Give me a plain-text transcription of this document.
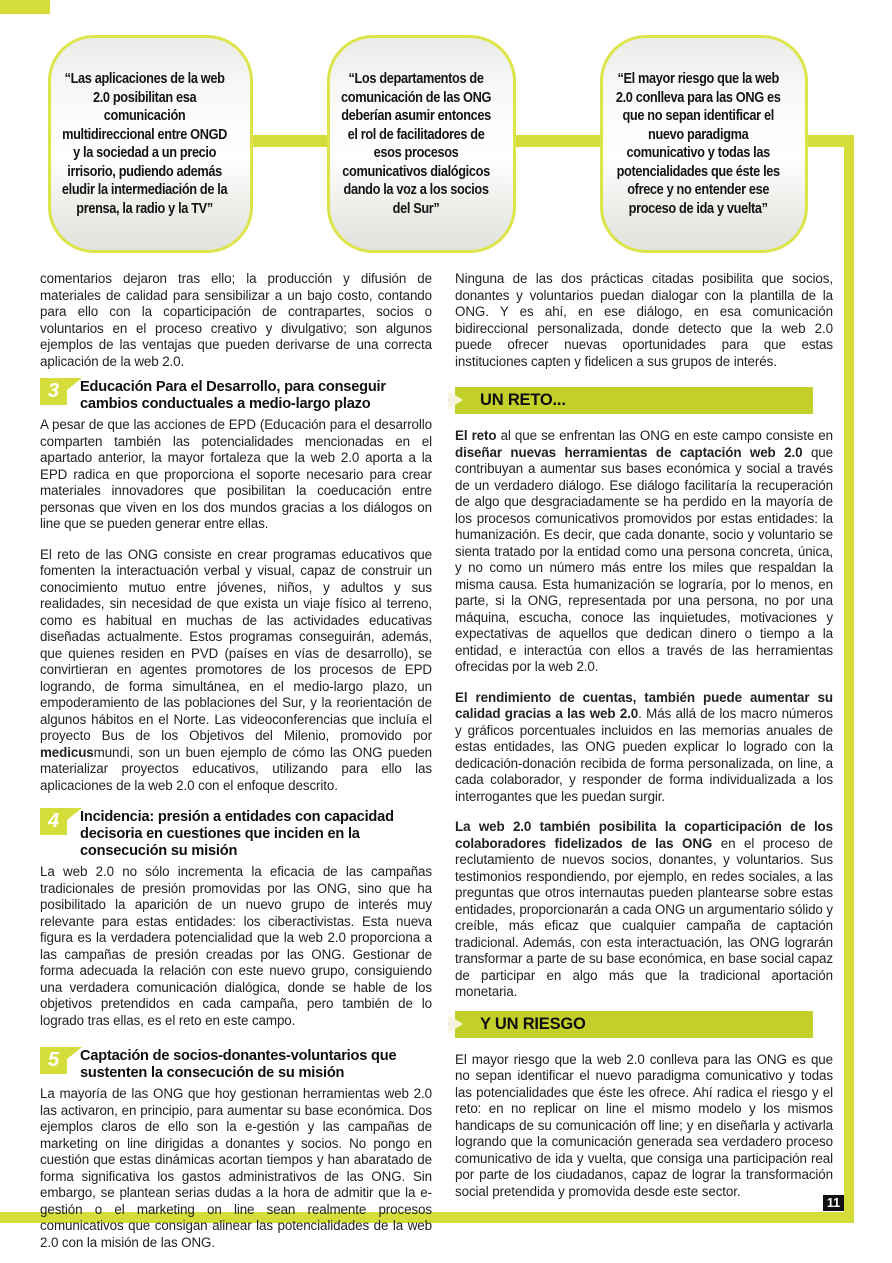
“Las aplicaciones de la web 2.0 posibilitan esa comunicación multidireccional entre ONGD y la sociedad a un precio irrisorio, pudiendo además eludir la intermediación de la prensa, la radio y la TV”
“Los departamentos de comunicación de las ONG deberían asumir entonces el rol de facilitadores de esos procesos comunicativos dialógicos dando la voz a los socios del Sur”
“El mayor riesgo que la web 2.0 conlleva para las ONG es que no sepan identificar el nuevo paradigma comunicativo y todas las potencialidades que éste les ofrece y no entender ese proceso de ida y vuelta”

comentarios dejaron tras ello; la producción y difusión de materiales de calidad para sensibilizar a un bajo costo, contando para ello con la coparticipación de contrapartes, socios o voluntarios en el proceso creativo y divulgativo; son algunos ejemplos de las ventajas que pueden derivarse de una correcta aplicación de la web 2.0.

3 Educación Para el Desarrollo, para conseguir cambios conductuales a medio-largo plazo

A pesar de que las acciones de EPD (Educación para el desarrollo comparten también las potencialidades mencionadas en el apartado anterior, la mayor fortaleza que la web 2.0 aporta a la EPD radica en que proporciona el soporte necesario para crear materiales innovadores que posibilitan la coeducación entre personas que viven en los dos mundos gracias a los diálogos on line que se pueden generar entre ellas.

El reto de las ONG consiste en crear programas educativos que fomenten la interactuación verbal y visual, capaz de construir un conocimiento mutuo entre jóvenes, niños, y adultos y sus realidades, sin necesidad de que exista un viaje físico al terreno, como es habitual en muchas de las actividades educativas diseñadas actualmente. Estos programas conseguirán, además, que quienes residen en PVD (países en vías de desarrollo), se convirtieran en agentes promotores de los procesos de EPD logrando, de forma simultánea, en el medio-largo plazo, un empoderamiento de las poblaciones del Sur, y la reorientación de algunos hábitos en el Norte. Las videoconferencias que incluía el proyecto Bus de los Objetivos del Milenio, promovido por medicusmundi, son un buen ejemplo de cómo las ONG pueden materializar proyectos educativos, utilizando para ello las aplicaciones de la web 2.0 con el enfoque descrito.

4 Incidencia: presión a entidades con capacidad decisoria en cuestiones que inciden en la consecución su misión

La web 2.0 no sólo incrementa la eficacia de las campañas tradicionales de presión promovidas por las ONG, sino que ha posibilitado la aparición de un nuevo grupo de interés muy relevante para estas entidades: los ciberactivistas. Esta nueva figura es la verdadera potencialidad que la web 2.0 proporciona a las campañas de presión creadas por las ONG. Gestionar de forma adecuada la relación con este nuevo grupo, consiguiendo una verdadera comunicación dialógica, donde se hable de los objetivos pretendidos en cada campaña, pero también de lo logrado tras ellas, es el reto en este campo.

5 Captación de socios-donantes-voluntarios que sustenten la consecución de su misión

La mayoría de las ONG que hoy gestionan herramientas web 2.0 las activaron, en principio, para aumentar su base económica. Dos ejemplos claros de ello son la e-gestión y las campañas de marketing on line dirigidas a donantes y socios. No pongo en cuestión que estas dinámicas acortan tiempos y han abaratado de forma significativa los gastos administrativos de las ONG. Sin embargo, se plantean serias dudas a la hora de admitir que la e-gestión o el marketing on line sean realmente procesos comunicativos que consigan alinear las potencialidades de la web 2.0 con la misión de las ONG.

Ninguna de las dos prácticas citadas posibilita que socios, donantes y voluntarios puedan dialogar con la plantilla de la ONG. Y es ahí, en ese diálogo, en esa comunicación bidireccional personalizada, donde detecto que la web 2.0 puede ofrecer nuevas oportunidades para que estas instituciones capten y fidelicen a sus grupos de interés.

UN RETO...

El reto al que se enfrentan las ONG en este campo consiste en diseñar nuevas herramientas de captación web 2.0 que contribuyan a aumentar sus bases económica y social a través de un verdadero diálogo. Ese diálogo facilitaría la recuperación de algo que desgraciadamente se ha perdido en la mayoría de los procesos comunicativos promovidos por estas entidades: la humanización. Es decir, que cada donante, socio y voluntario se sienta tratado por la entidad como una persona concreta, única, y no como un número más entre los miles que respaldan la misma causa. Esta humanización se lograría, por lo menos, en parte, si la ONG, representada por una persona, no por una máquina, escucha, conoce las inquietudes, motivaciones y expectativas de aquellos que dedican dinero o tiempo a la entidad, e interactúa con ellos a través de las herramientas ofrecidas por la web 2.0.

El rendimiento de cuentas, también puede aumentar su calidad gracias a las web 2.0. Más allá de los macro números y gráficos porcentuales incluidos en las memorias anuales de estas entidades, las ONG pueden explicar lo logrado con la dedicación-donación recibida de forma personalizada, on line, a cada colaborador, y responder de forma individualizada a los interrogantes que les puedan surgir.

La web 2.0 también posibilita la coparticipación de los colaboradores fidelizados de las ONG en el proceso de reclutamiento de nuevos socios, donantes, y voluntarios. Sus testimonios respondiendo, por ejemplo, en redes sociales, a las preguntas que otros internautas pueden plantearse sobre estas entidades, proporcionarán a cada ONG un argumentario sólido y creíble, más eficaz que cualquier campaña de captación tradicional. Además, con esta interactuación, las ONG lograrán transformar a parte de su base económica, en base social capaz de participar en algo más que la tradicional aportación monetaria.

Y UN RIESGO

El mayor riesgo que la web 2.0 conlleva para las ONG es que no sepan identificar el nuevo paradigma comunicativo y todas las potencialidades que éste les ofrece. Ahí radica el riesgo y el reto: en no replicar on line el mismo modelo y los mismos handicaps de su comunicación off line; y en diseñarla y activarla logrando que la comunicación generada sea verdadero proceso comunicativo de ida y vuelta, que consiga una participación real por parte de los ciudadanos, capaz de lograr la transformación social pretendida y promovida desde este sector.

11
